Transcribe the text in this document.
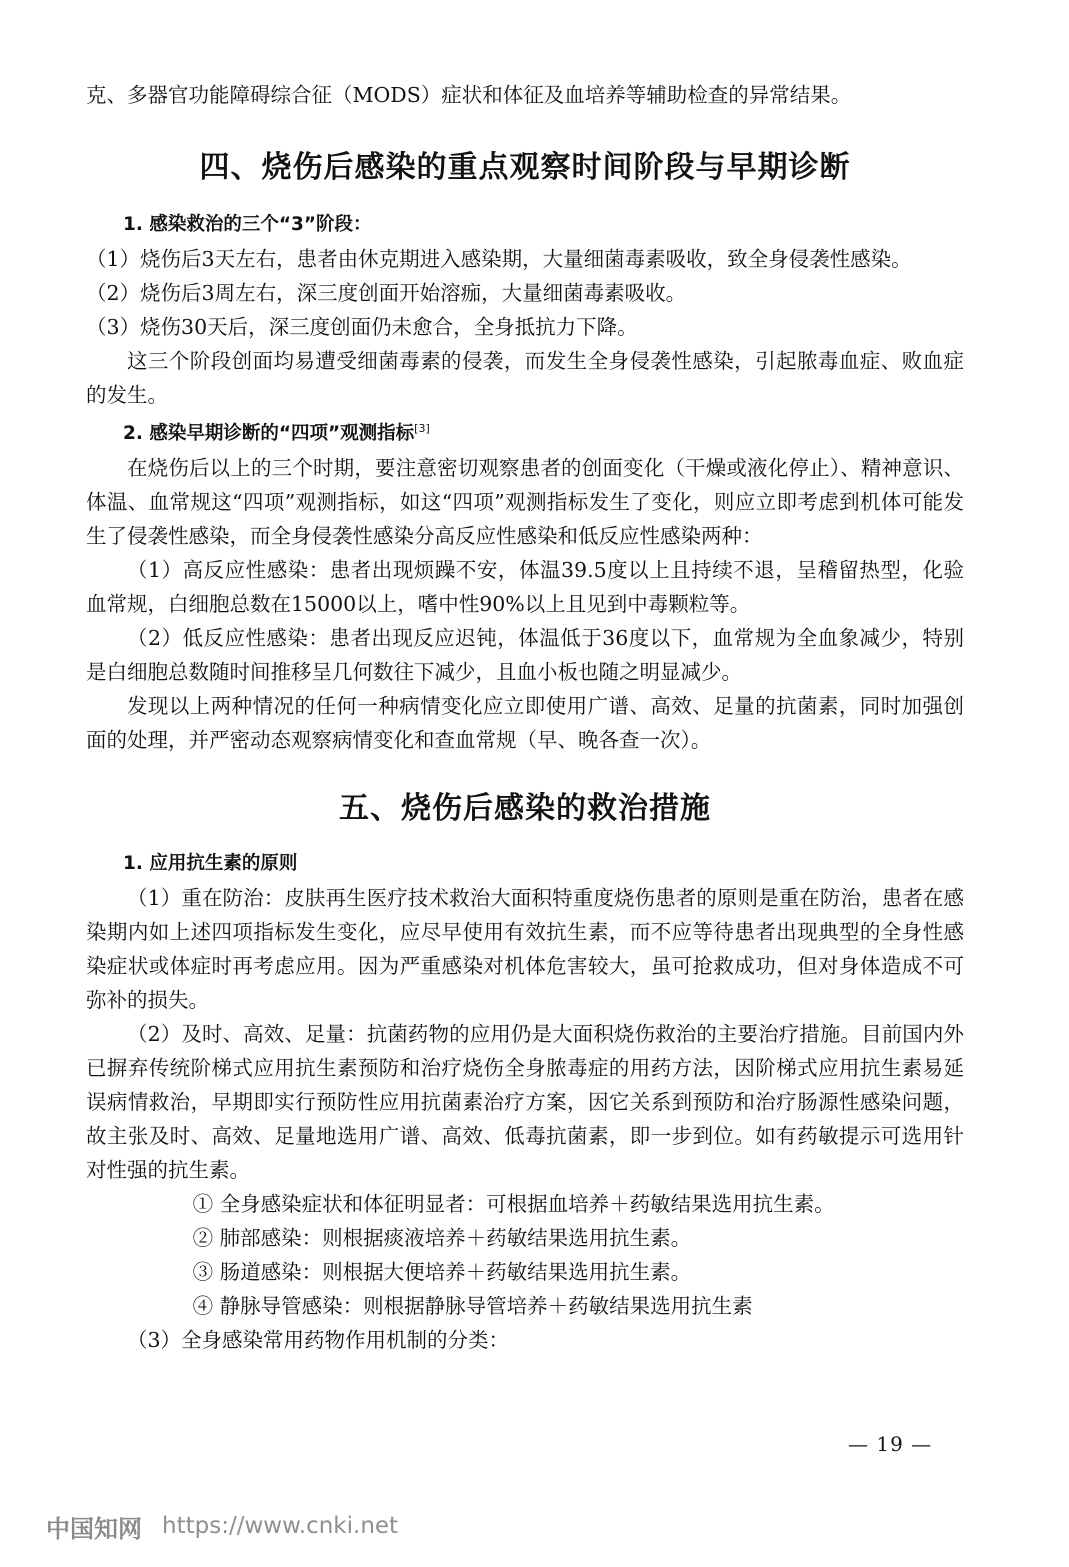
克、多器官功能障碍综合征（MODS）症状和体征及血培养等辅助检查的异常结果。

四、烧伤后感染的重点观察时间阶段与早期诊断

1. 感染救治的三个“3”阶段：

（1）烧伤后3天左右，患者由休克期进入感染期，大量细菌毒素吸收，致全身侵袭性感染。

（2）烧伤后3周左右，深三度创面开始溶痂，大量细菌毒素吸收。

（3）烧伤30天后，深三度创面仍未愈合，全身抵抗力下降。

这三个阶段创面均易遭受细菌毒素的侵袭，而发生全身侵袭性感染，引起脓毒血症、败血症的发生。

2. 感染早期诊断的“四项”观测指标[3]

在烧伤后以上的三个时期，要注意密切观察患者的创面变化（干燥或液化停止）、精神意识、体温、血常规这“四项”观测指标，如这“四项”观测指标发生了变化，则应立即考虑到机体可能发生了侵袭性感染，而全身侵袭性感染分高反应性感染和低反应性感染两种：

（1）高反应性感染：患者出现烦躁不安，体温39.5度以上且持续不退，呈稽留热型，化验血常规，白细胞总数在15000以上，嗜中性90%以上且见到中毒颗粒等。

（2）低反应性感染：患者出现反应迟钝，体温低于36度以下，血常规为全血象减少，特别是白细胞总数随时间推移呈几何数往下减少，且血小板也随之明显减少。

发现以上两种情况的任何一种病情变化应立即使用广谱、高效、足量的抗菌素，同时加强创面的处理，并严密动态观察病情变化和查血常规（早、晚各查一次）。

五、烧伤后感染的救治措施

1. 应用抗生素的原则

（1）重在防治：皮肤再生医疗技术救治大面积特重度烧伤患者的原则是重在防治，患者在感染期内如上述四项指标发生变化，应尽早使用有效抗生素，而不应等待患者出现典型的全身性感染症状或体症时再考虑应用。因为严重感染对机体危害较大，虽可抢救成功，但对身体造成不可弥补的损失。

（2）及时、高效、足量：抗菌药物的应用仍是大面积烧伤救治的主要治疗措施。目前国内外已摒弃传统阶梯式应用抗生素预防和治疗烧伤全身脓毒症的用药方法，因阶梯式应用抗生素易延误病情救治，早期即实行预防性应用抗菌素治疗方案，因它关系到预防和治疗肠源性感染问题，故主张及时、高效、足量地选用广谱、高效、低毒抗菌素，即一步到位。如有药敏提示可选用针对性强的抗生素。

① 全身感染症状和体征明显者：可根据血培养＋药敏结果选用抗生素。

② 肺部感染：则根据痰液培养＋药敏结果选用抗生素。

③ 肠道感染：则根据大便培养＋药敏结果选用抗生素。

④ 静脉导管感染：则根据静脉导管培养＋药敏结果选用抗生素

（3）全身感染常用药物作用机制的分类：

— 19 —
中国知网 https://www.cnki.net
